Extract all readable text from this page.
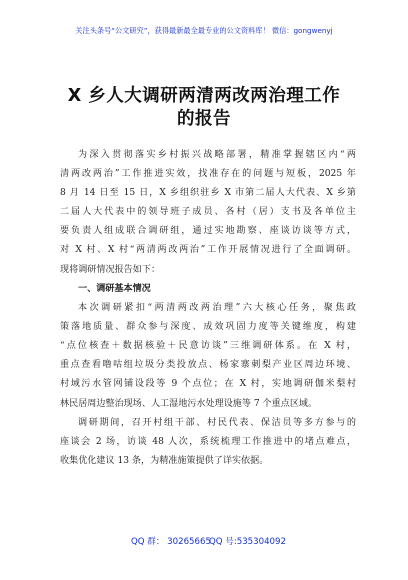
关注头条号“公文研究”，获得最新最全最专业的公文资料库！ 微信：gongwenyj
X 乡人大调研两清两改两治理工作
的报告
为深入贯彻落实乡村振兴战略部署，精准掌握辖区内“两
清两改两治”工作推进实效，找准存在的问题与短板，2025 年
8 月 14 日至 15 日，X 乡组织驻乡 X 市第二届人大代表、X 乡第
二届人大代表中的领导班子成员、各村（居）支书及各单位主
要负责人组成联合调研组，通过实地勘察、座谈访谈等方式，
对 X 村、X 村“两清两改两治”工作开展情况进行了全面调研。
现将调研情况报告如下：
一、调研基本情况
本次调研紧扣“两清两改两治理”六大核心任务，聚焦政
策落地质量、群众参与深度、成效巩固力度等关键维度，构建
“点位核查＋数据核验＋民意访谈”三维调研体系。在 X 村，
重点查看噜咕组垃圾分类投放点、杨家寨刺梨产业区周边环境、
村域污水管网铺设段等 9 个点位；在 X 村，实地调研伽米梨村
林民居周边整治现场、人工湿地污水处理设施等 7 个重点区域。
调研期间，召开村组干部、村民代表、保洁员等多方参与的
座谈会 2 场，访谈 48 人次，系统梳理工作推进中的堵点难点，
收集优化建议 13 条，为精准施策提供了详实依据。
QQ 群： 30265665
QQ 号:535304092
